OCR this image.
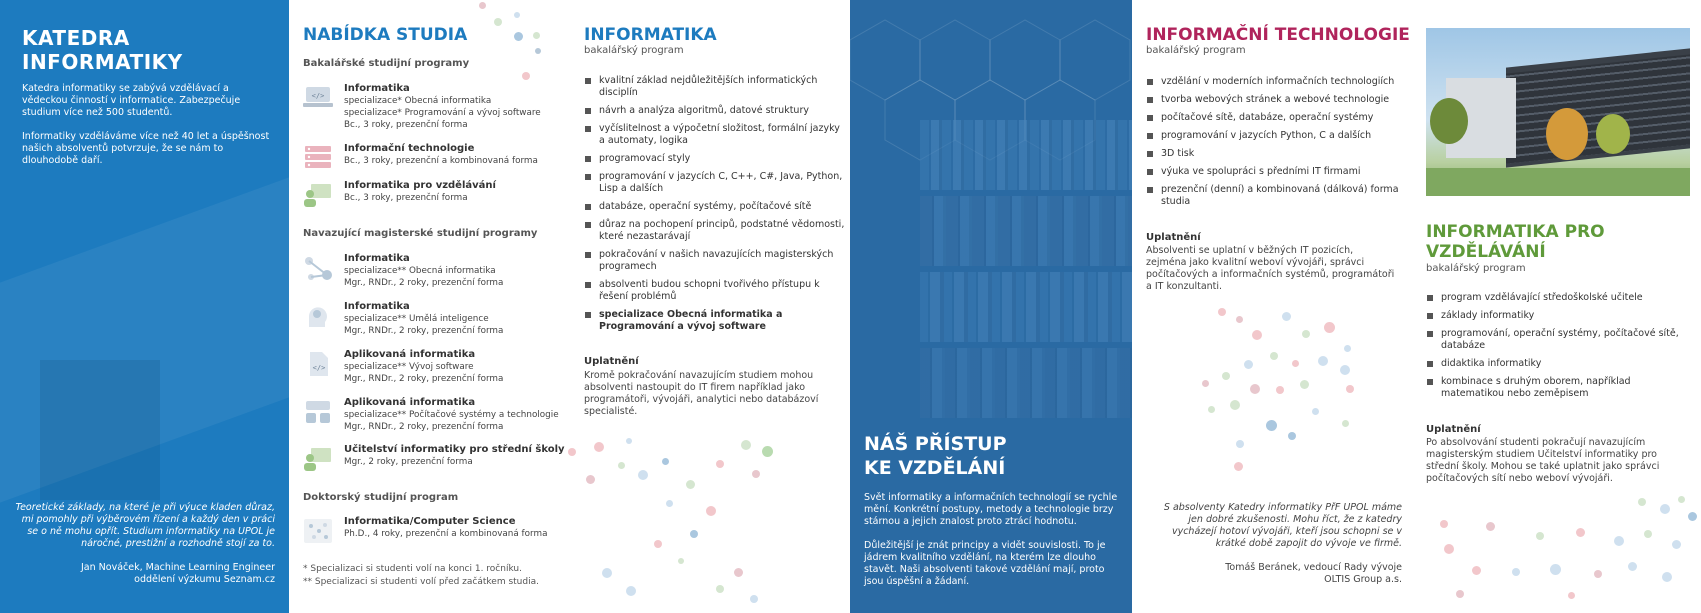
KATEDRA
INFORMATIKY

Katedra informatiky se zabývá vzdělávací a vědeckou činností v informatice. Zabezpečuje studium více než 500 studentů.

Informatiky vzděláváme více než 40 let a úspěšnost našich absolventů potvrzuje, že se nám to dlouhodobě daří.

Teoretické základy, na které je při výuce kladen důraz, mi pomohly při výběrovém řízení a každý den v práci se o ně mohu opřít. Studium informatiky na UPOL je náročné, prestižní a rozhodně stojí za to.
Jan Nováček, Machine Learning Engineer
oddělení výzkumu Seznam.cz
NABÍDKA STUDIA
Bakalářské studijní programy
</>
Informatika
specializace* Obecná informatika
specializace* Programování a vývoj software
Bc., 3 roky, prezenční forma
Informační technologie
Bc., 3 roky, prezenční a kombinovaná forma
Informatika pro vzdělávání
Bc., 3 roky, prezenční forma
Navazující magisterské studijní programy
Informatika
specializace** Obecná informatika
Mgr., RNDr., 2 roky, prezenční forma
Informatika
specializace** Umělá inteligence
Mgr., RNDr., 2 roky, prezenční forma
</>
Aplikovaná informatika
specializace** Vývoj software
Mgr., RNDr., 2 roky, prezenční forma
Aplikovaná informatika
specializace** Počítačové systémy a technologie
Mgr., RNDr., 2 roky, prezenční forma
Učitelství informatiky pro střední školy
Mgr., 2 roky, prezenční forma
Doktorský studijní program
Informatika/Computer Science
Ph.D., 4 roky, prezenční a kombinovaná forma
* Specializaci si studenti volí na konci 1. ročníku.
** Specializaci si studenti volí před začátkem studia.
INFORMATIKA
bakalářský program
kvalitní základ nejdůležitějších informatických disciplín
návrh a analýza algoritmů, datové struktury
vyčíslitelnost a výpočetní složitost, formální jazyky a automaty, logika
programovací styly
programování v jazycích C, C++, C#, Java, Python, Lisp a dalších
databáze, operační systémy, počítačové sítě
důraz na pochopení principů, podstatné vědomosti, které nezastarávají
pokračování v našich navazujících magisterských programech
absolventi budou schopni tvořivého přístupu k řešení problémů
specializace Obecná informatika a Programování a vývoj software
Uplatnění
Kromě pokračování navazujícím studiem mohou absolventi nastoupit do IT firem například jako programátoři, vývojáři, analytici nebo databázoví specialisté.
NÁŠ PŘÍSTUP
KE VZDĚLÁNÍ

Svět informatiky a informačních technologií se rychle mění. Konkrétní postupy, metody a technologie brzy stárnou a jejich znalost proto ztrácí hodnotu.

Důležitější je znát principy a vidět souvislosti. To je jádrem kvalitního vzdělání, na kterém lze dlouho stavět. Naši absolventi takové vzdělání mají, proto jsou úspěšní a žádaní.

INFORMAČNÍ TECHNOLOGIE
bakalářský program
vzdělání v moderních informačních technologiích
tvorba webových stránek a webové technologie
počítačové sítě, databáze, operační systémy
programování v jazycích Python, C a dalších
3D tisk
výuka ve spolupráci s předními IT firmami
prezenční (denní) a kombinovaná (dálková) forma studia
Uplatnění
Absolventi se uplatní v běžných IT pozicích, zejména jako kvalitní weboví vývojáři, správci počítačových a informačních systémů, programátoři a IT konzultanti.
S absolventy Katedry informatiky PřF UPOL máme jen dobré zkušenosti. Mohu říct, že z katedry vycházejí hotoví vývojáři, kteří jsou schopni se v krátké době zapojit do vývoje ve firmě.
Tomáš Beránek, vedoucí Rady vývoje
OLTIS Group a.s.
INFORMATIKA PRO
VZDĚLÁVÁNÍ
bakalářský program
program vzdělávající středoškolské učitele
základy informatiky
programování, operační systémy, počítačové sítě, databáze
didaktika informatiky
kombinace s druhým oborem, například matematikou nebo zeměpisem
Uplatnění
Po absolvování studenti pokračují navazujícím magisterským studiem Učitelství informatiky pro střední školy. Mohou se také uplatnit jako správci počítačových sítí nebo weboví vývojáři.
